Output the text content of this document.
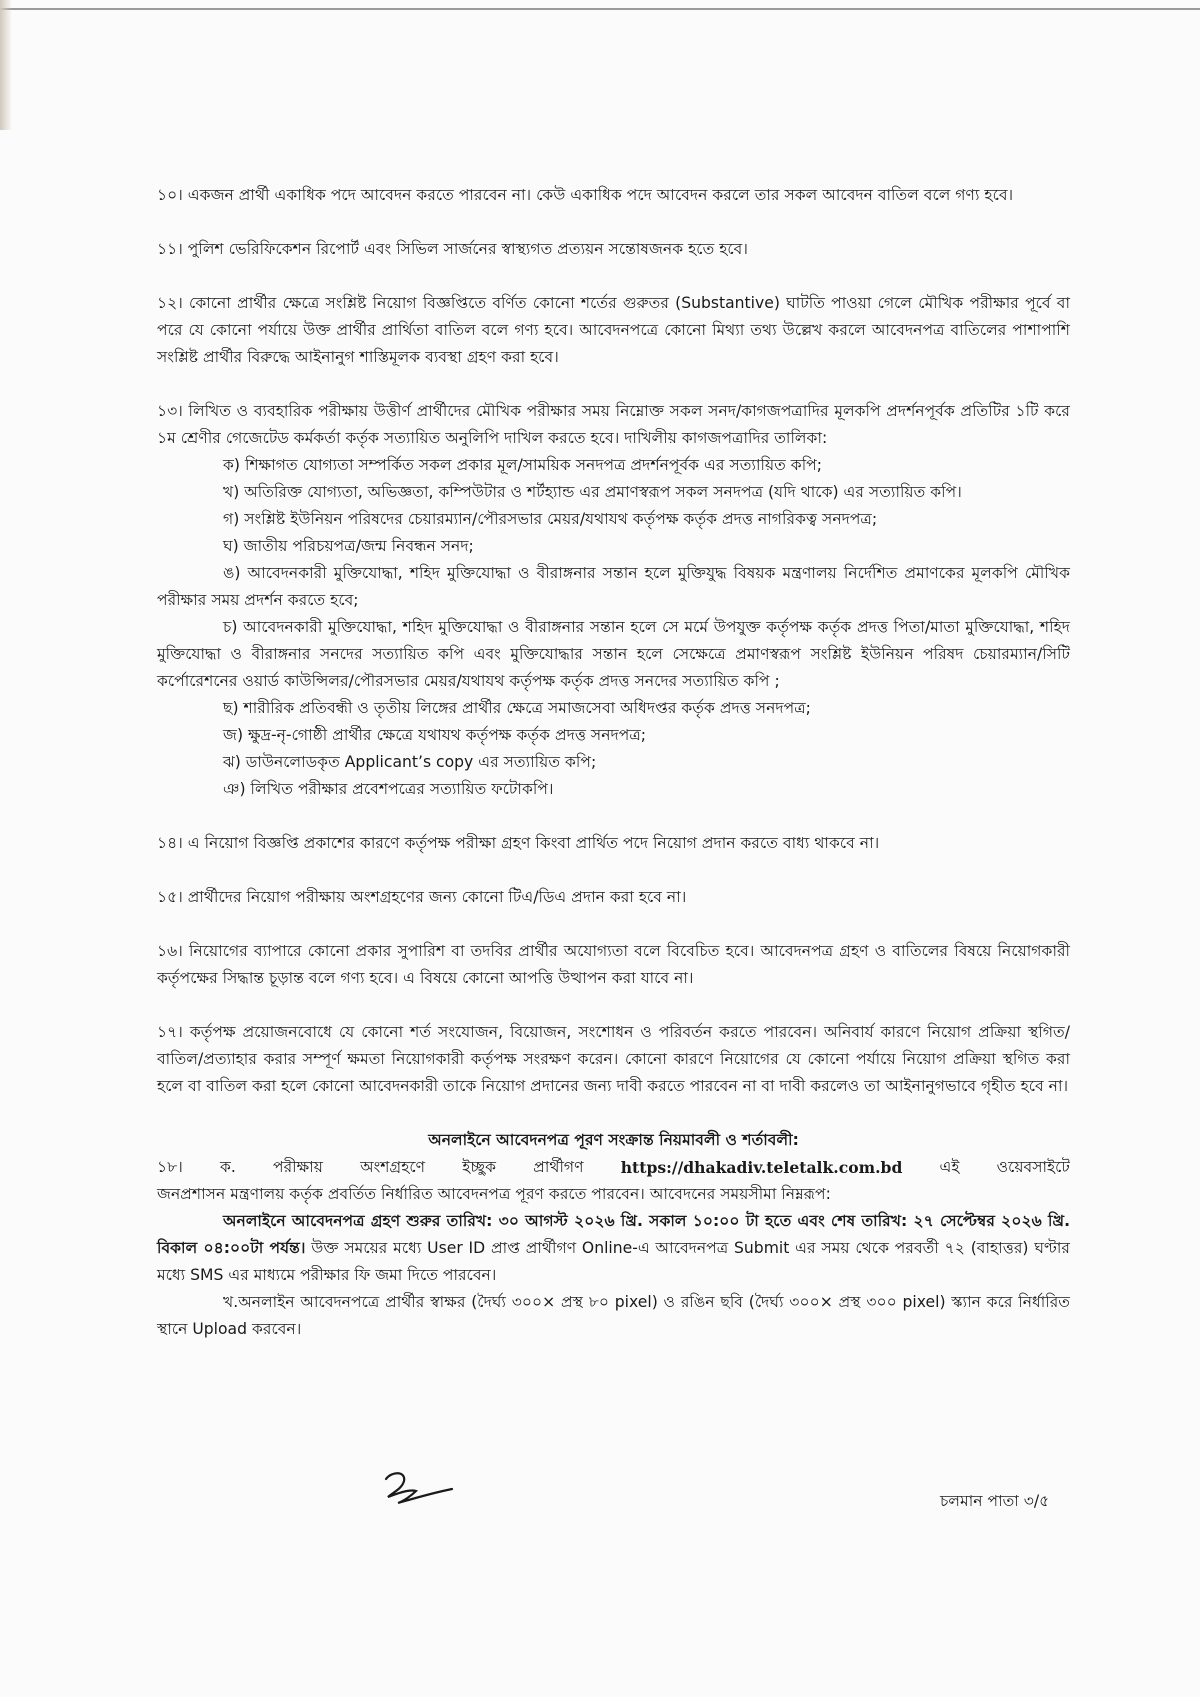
১০। একজন প্রার্থী একাধিক পদে আবেদন করতে পারবেন না। কেউ একাধিক পদে আবেদন করলে তার সকল আবেদন বাতিল বলে গণ্য হবে।

১১। পুলিশ ভেরিফিকেশন রিপোর্ট এবং সিভিল সার্জনের স্বাস্থ্যগত প্রত্যয়ন সন্তোষজনক হতে হবে।

১২। কোনো প্রার্থীর ক্ষেত্রে সংশ্লিষ্ট নিয়োগ বিজ্ঞপ্তিতে বর্ণিত কোনো শর্তের গুরুতর (Substantive) ঘাটতি পাওয়া গেলে মৌখিক পরীক্ষার পূর্বে বা পরে যে কোনো পর্যায়ে উক্ত প্রার্থীর প্রার্থিতা বাতিল বলে গণ্য হবে। আবেদনপত্রে কোনো মিথ্যা তথ্য উল্লেখ করলে আবেদনপত্র বাতিলের পাশাপাশি সংশ্লিষ্ট প্রার্থীর বিরুদ্ধে আইনানুগ শাস্তিমূলক ব্যবস্থা গ্রহণ করা হবে।

১৩। লিখিত ও ব্যবহারিক পরীক্ষায় উত্তীর্ণ প্রার্থীদের মৌখিক পরীক্ষার সময় নিম্নোক্ত সকল সনদ/কাগজপত্রাদির মূলকপি প্রদর্শনপূর্বক প্রতিটির ১টি করে ১ম শ্রেণীর গেজেটেড কর্মকর্তা কর্তৃক সত্যায়িত অনুলিপি দাখিল করতে হবে। দাখিলীয় কাগজপত্রাদির তালিকা:

ক) শিক্ষাগত যোগ্যতা সম্পর্কিত সকল প্রকার মূল/সাময়িক সনদপত্র প্রদর্শনপূর্বক এর সত্যায়িত কপি;

খ) অতিরিক্ত যোগ্যতা, অভিজ্ঞতা, কম্পিউটার ও শর্টহ্যান্ড এর প্রমাণস্বরূপ সকল সনদপত্র (যদি থাকে) এর সত্যায়িত কপি।

গ) সংশ্লিষ্ট ইউনিয়ন পরিষদের চেয়ারম্যান/পৌরসভার মেয়র/যথাযথ কর্তৃপক্ষ কর্তৃক প্রদত্ত নাগরিকত্ব সনদপত্র;

ঘ) জাতীয় পরিচয়পত্র/জন্ম নিবন্ধন সনদ;

ঙ) আবেদনকারী মুক্তিযোদ্ধা, শহিদ মুক্তিযোদ্ধা ও বীরাঙ্গনার সন্তান হলে মুক্তিযুদ্ধ বিষয়ক মন্ত্রণালয় নির্দেশিত প্রমাণকের মূলকপি মৌখিক পরীক্ষার সময় প্রদর্শন করতে হবে;

চ) আবেদনকারী মুক্তিযোদ্ধা, শহিদ মুক্তিযোদ্ধা ও বীরাঙ্গনার সন্তান হলে সে মর্মে উপযুক্ত কর্তৃপক্ষ কর্তৃক প্রদত্ত পিতা/মাতা মুক্তিযোদ্ধা, শহিদ মুক্তিযোদ্ধা ও বীরাঙ্গনার সনদের সত্যায়িত কপি এবং মুক্তিযোদ্ধার সন্তান হলে সেক্ষেত্রে প্রমাণস্বরূপ সংশ্লিষ্ট ইউনিয়ন পরিষদ চেয়ারম্যান/সিটি কর্পোরেশনের ওয়ার্ড কাউন্সিলর/পৌরসভার মেয়র/যথাযথ কর্তৃপক্ষ কর্তৃক প্রদত্ত সনদের সত্যায়িত কপি ;

ছ) শারীরিক প্রতিবন্ধী ও তৃতীয় লিঙ্গের প্রার্থীর ক্ষেত্রে সমাজসেবা অধিদপ্তর কর্তৃক প্রদত্ত সনদপত্র;

জ) ক্ষুদ্র-নৃ-গোষ্ঠী প্রার্থীর ক্ষেত্রে যথাযথ কর্তৃপক্ষ কর্তৃক প্রদত্ত সনদপত্র;

ঝ) ডাউনলোডকৃত Applicant’s copy এর সত্যায়িত কপি;

ঞ) লিখিত পরীক্ষার প্রবেশপত্রের সত্যায়িত ফটোকপি।

১৪। এ নিয়োগ বিজ্ঞপ্তি প্রকাশের কারণে কর্তৃপক্ষ পরীক্ষা গ্রহণ কিংবা প্রার্থিত পদে নিয়োগ প্রদান করতে বাধ্য থাকবে না।

১৫। প্রার্থীদের নিয়োগ পরীক্ষায় অংশগ্রহণের জন্য কোনো টিএ/ডিএ প্রদান করা হবে না।

১৬। নিয়োগের ব্যাপারে কোনো প্রকার সুপারিশ বা তদবির প্রার্থীর অযোগ্যতা বলে বিবেচিত হবে। আবেদনপত্র গ্রহণ ও বাতিলের বিষয়ে নিয়োগকারী কর্তৃপক্ষের সিদ্ধান্ত চূড়ান্ত বলে গণ্য হবে। এ বিষয়ে কোনো আপত্তি উত্থাপন করা যাবে না।

১৭। কর্তৃপক্ষ প্রয়োজনবোধে যে কোনো শর্ত সংযোজন, বিয়োজন, সংশোধন ও পরিবর্তন করতে পারবেন। অনিবার্য কারণে নিয়োগ প্রক্রিয়া স্থগিত/বাতিল/প্রত্যাহার করার সম্পূর্ণ ক্ষমতা নিয়োগকারী কর্তৃপক্ষ সংরক্ষণ করেন। কোনো কারণে নিয়োগের যে কোনো পর্যায়ে নিয়োগ প্রক্রিয়া স্থগিত করা হলে বা বাতিল করা হলে কোনো আবেদনকারী তাকে নিয়োগ প্রদানের জন্য দাবী করতে পারবেন না বা দাবী করলেও তা আইনানুগভাবে গৃহীত হবে না।

অনলাইনে আবেদনপত্র পূরণ সংক্রান্ত নিয়মাবলী ও শর্তাবলী:

১৮। ক. পরীক্ষায় অংশগ্রহণে ইচ্ছুক প্রার্থীগণ https://dhakadiv.teletalk.com.bd এই ওয়েবসাইটে

জনপ্রশাসন মন্ত্রণালয় কর্তৃক প্রবর্তিত নির্ধারিত আবেদনপত্র পূরণ করতে পারবেন। আবেদনের সময়সীমা নিম্নরূপ:

অনলাইনে আবেদনপত্র গ্রহণ শুরুর তারিখ: ৩০ আগস্ট ২০২৬ খ্রি. সকাল ১০:০০ টা হতে এবং শেষ তারিখ: ২৭ সেপ্টেম্বর ২০২৬ খ্রি. বিকাল ০৪:০০টা পর্যন্ত। উক্ত সময়ের মধ্যে User ID প্রাপ্ত প্রার্থীগণ Online-এ আবেদনপত্র Submit এর সময় থেকে পরবর্তী ৭২ (বাহাত্তর) ঘণ্টার মধ্যে SMS এর মাধ্যমে পরীক্ষার ফি জমা দিতে পারবেন।

খ.অনলাইন আবেদনপত্রে প্রার্থীর স্বাক্ষর (দৈর্ঘ্য ৩০০× প্রস্থ ৮০ pixel) ও রঙিন ছবি (দৈর্ঘ্য ৩০০× প্রস্থ ৩০০ pixel) স্ক্যান করে নির্ধারিত স্থানে Upload করবেন।

চলমান পাতা ৩/৫
